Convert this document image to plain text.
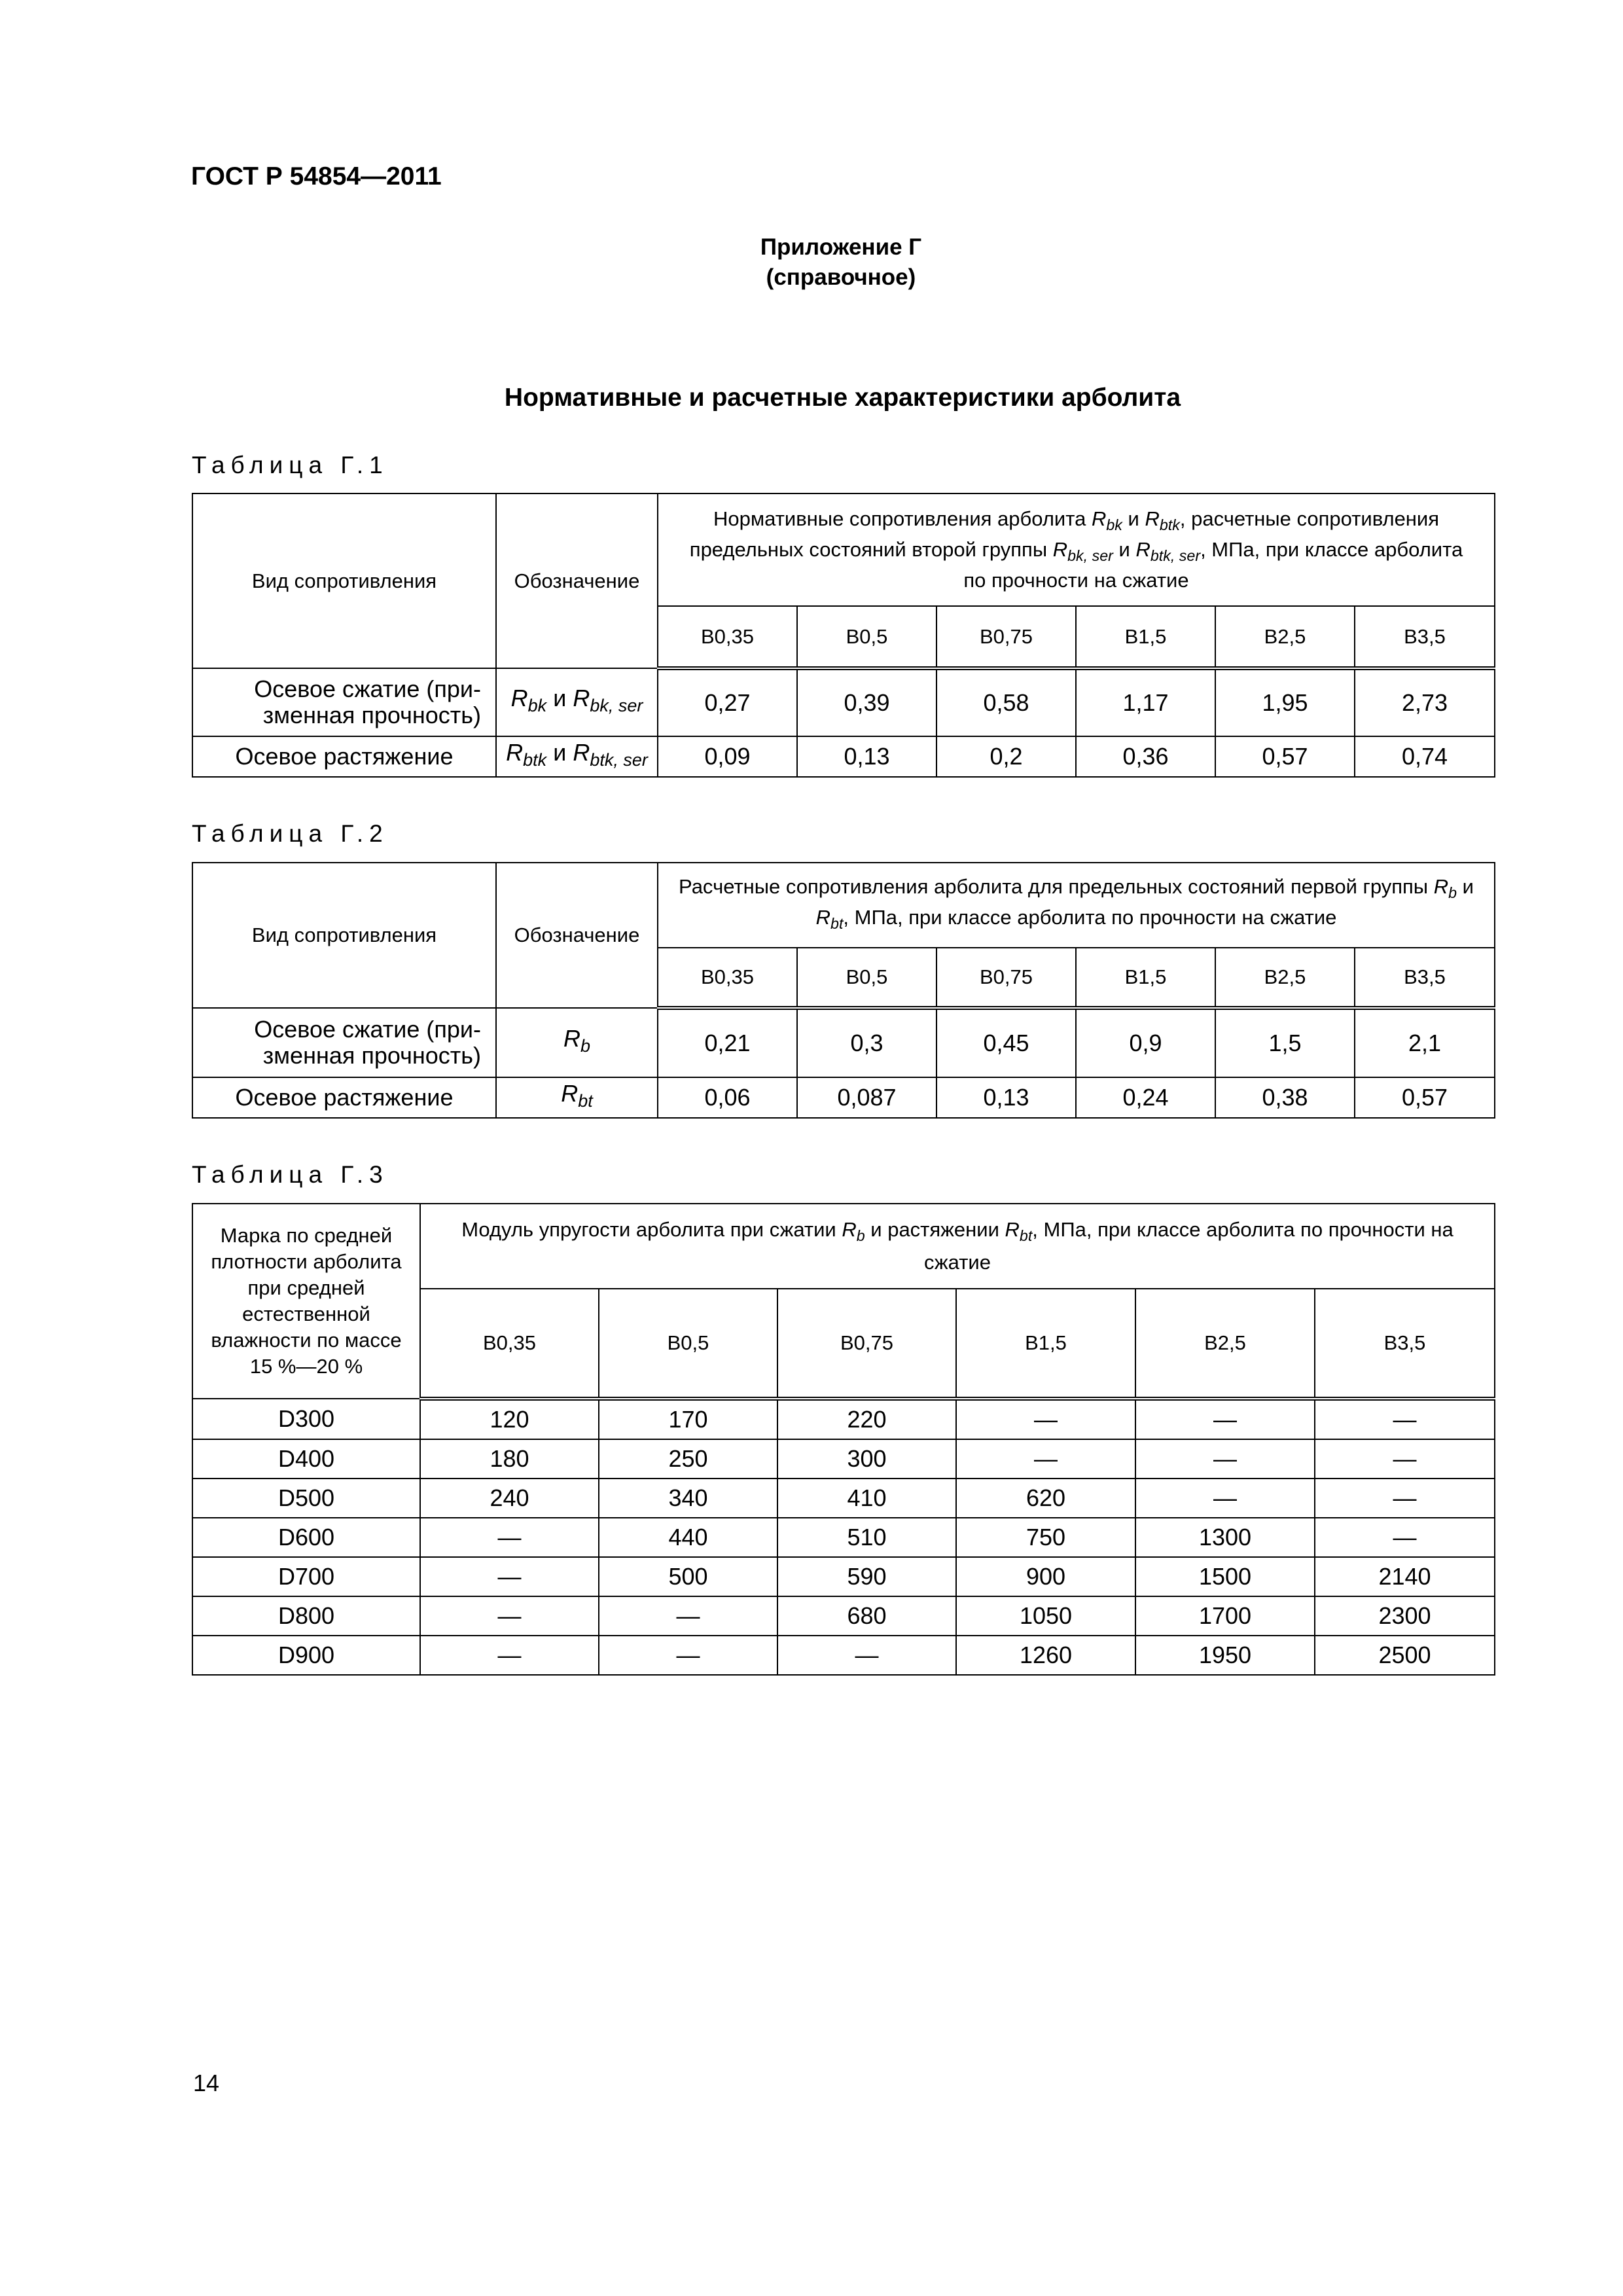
ГОСТ Р 54854—2011
Приложение Г
(справочное)
Нормативные и расчетные характеристики арболита
Таблица Г.1
Вид сопротивления	Обозначение	Нормативные сопротивления арболита $R_{bk}$ и $R_{btk}$, расчетные сопротивления предельных состояний второй группы $R_{bk, ser}$ и $R_{btk, ser}$, МПа, при классе арболита по прочности на сжатие					
		В0,35	В0,5	В0,75	В1,5	В2,5	В3,5
Осевое сжатие (при-зменная прочность)	$R_{bk}$ и $R_{bk, ser}$	0,27	0,39	0,58	1,17	1,95	2,73
Осевое растяжение	$R_{btk}$ и $R_{btk, ser}$	0,09	0,13	0,2	0,36	0,57	0,74
Таблица Г.2
Вид сопротивления	Обозначение	Расчетные сопротивления арболита для предельных состояний первой группы $R_b$ и $R_{bt}$, МПа, при классе арболита по прочности на сжатие					
		В0,35	В0,5	В0,75	В1,5	В2,5	В3,5
Осевое сжатие (при-зменная прочность)	$R_b$	0,21	0,3	0,45	0,9	1,5	2,1
Осевое растяжение	$R_{bt}$	0,06	0,087	0,13	0,24	0,38	0,57
Таблица Г.3
Марка по средней плотности арболита при средней естественной влажности по массе 15 %—20 %	Модуль упругости арболита при сжатии $R_b$ и растяжении $R_{bt}$, МПа, при классе арболита по прочности на сжатие					
	В0,35	В0,5	В0,75	В1,5	В2,5	В3,5
D300	120	170	220	—	—	—
D400	180	250	300	—	—	—
D500	240	340	410	620	—	—
D600	—	440	510	750	1300	—
D700	—	500	590	900	1500	2140
D800	—	—	680	1050	1700	2300
D900	—	—	—	1260	1950	2500
14
